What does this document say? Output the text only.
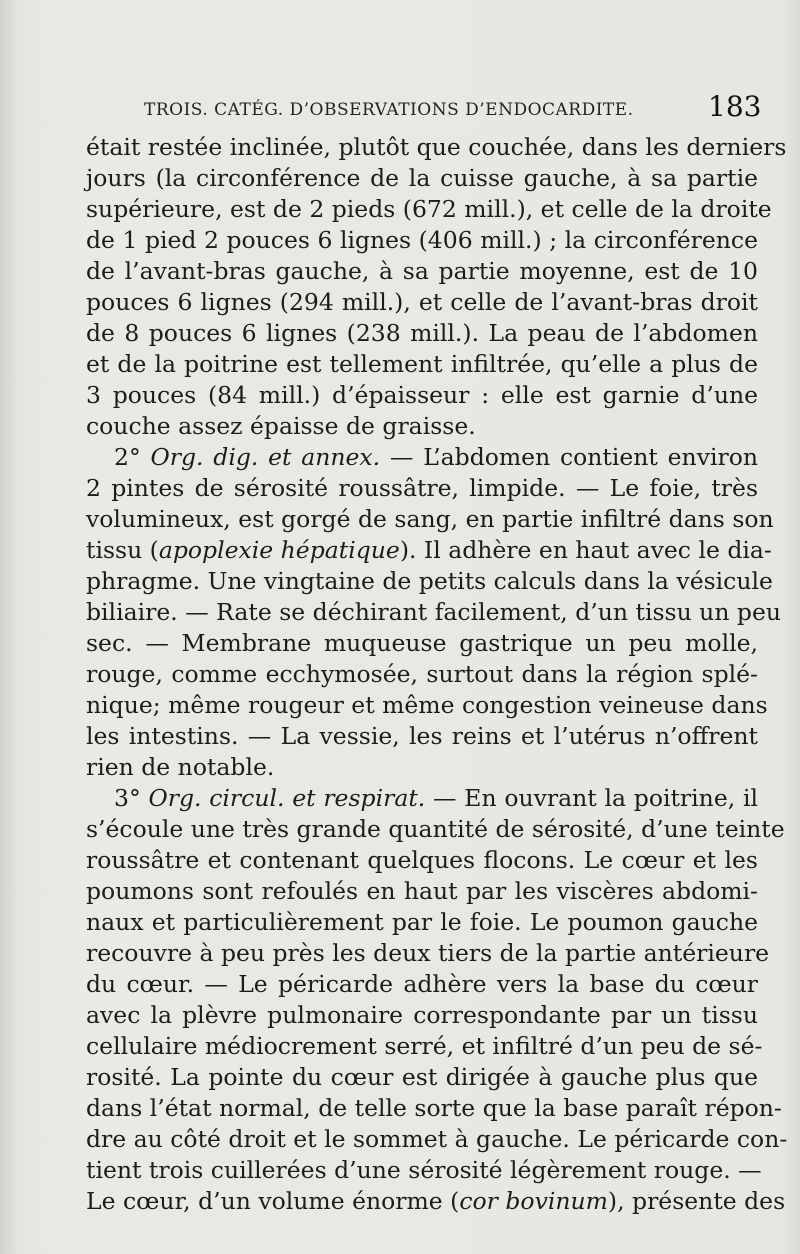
TROIS. CATÉG. D’OBSERVATIONS D’ENDOCARDITE.	183
était restée inclinée, plutôt que couchée, dans les derniers
jours (la circonférence de la cuisse gauche, à sa partie
supérieure, est de 2 pieds (672 mill.), et celle de la droite
de 1 pied 2 pouces 6 lignes (406 mill.) ; la circonférence
de l’avant-bras gauche, à sa partie moyenne, est de 10
pouces 6 lignes (294 mill.), et celle de l’avant-bras droit
de 8 pouces 6 lignes (238 mill.). La peau de l’abdomen
et de la poitrine est tellement infiltrée, qu’elle a plus de
3 pouces (84 mill.) d’épaisseur : elle est garnie d’une
couche assez épaisse de graisse.
2° Org. dig. et annex. — L’abdomen contient environ
2 pintes de sérosité roussâtre, limpide. — Le foie, très
volumineux, est gorgé de sang, en partie infiltré dans son
tissu (apoplexie hépatique). Il adhère en haut avec le dia-
phragme. Une vingtaine de petits calculs dans la vésicule
biliaire. — Rate se déchirant facilement, d’un tissu un peu
sec. — Membrane muqueuse gastrique un peu molle,
rouge, comme ecchymosée, surtout dans la région splé-
nique; même rougeur et même congestion veineuse dans
les intestins. — La vessie, les reins et l’utérus n’offrent
rien de notable.
3° Org. circul. et respirat. — En ouvrant la poitrine, il
s’écoule une très grande quantité de sérosité, d’une teinte
roussâtre et contenant quelques flocons. Le cœur et les
poumons sont refoulés en haut par les viscères abdomi-
naux et particulièrement par le foie. Le poumon gauche
recouvre à peu près les deux tiers de la partie antérieure
du cœur. — Le péricarde adhère vers la base du cœur
avec la plèvre pulmonaire correspondante par un tissu
cellulaire médiocrement serré, et infiltré d’un peu de sé-
rosité. La pointe du cœur est dirigée à gauche plus que
dans l’état normal, de telle sorte que la base paraît répon-
dre au côté droit et le sommet à gauche. Le péricarde con-
tient trois cuillerées d’une sérosité légèrement rouge. —
Le cœur, d’un volume énorme (cor bovinum), présente des
